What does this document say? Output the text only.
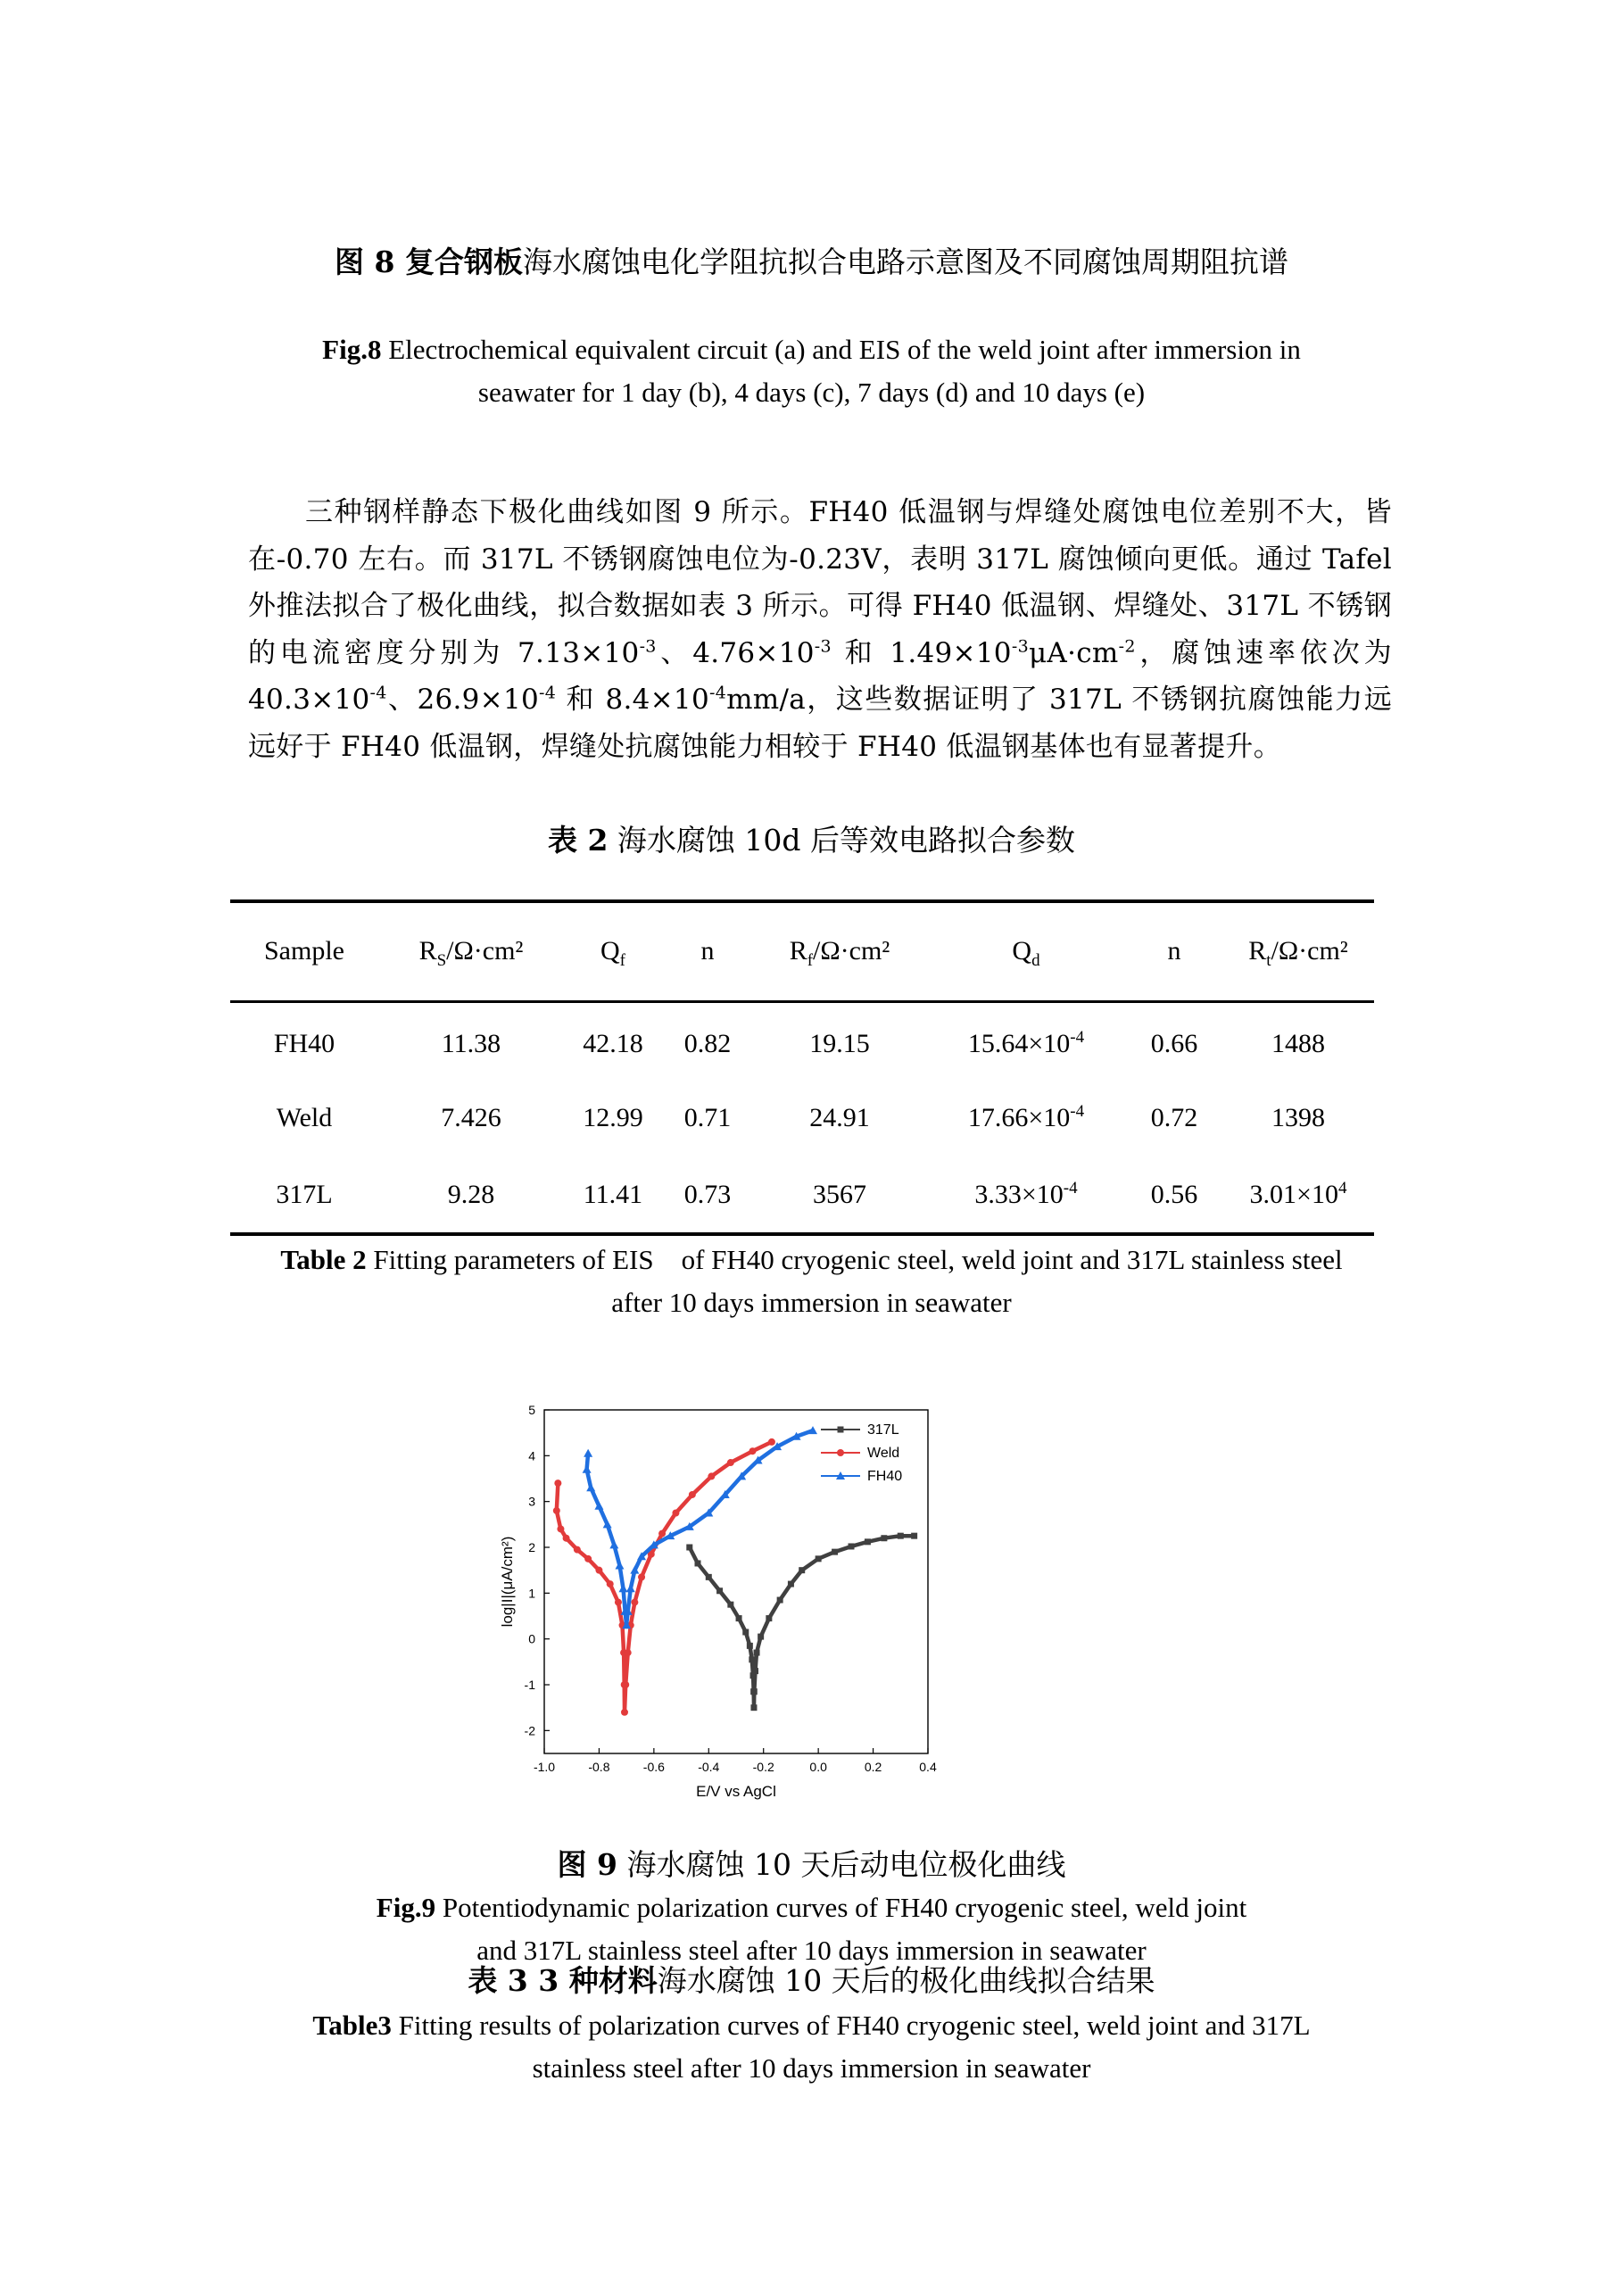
图 8 复合钢板海水腐蚀电化学阻抗拟合电路示意图及不同腐蚀周期阻抗谱
Fig.8 Electrochemical equivalent circuit (a) and EIS of the weld joint after immersion in
seawater for 1 day (b), 4 days (c), 7 days (d) and 10 days (e)

三种钢样静态下极化曲线如图 9 所示。FH40 低温钢与焊缝处腐蚀电位差别不大，皆在-0.70 左右。而 317L 不锈钢腐蚀电位为-0.23V，表明 317L 腐蚀倾向更低。通过 Tafel 外推法拟合了极化曲线，拟合数据如表 3 所示。可得 FH40 低温钢、焊缝处、317L 不锈钢的电流密度分别为 $7.13\times 10^{-3}$、$4.76\times 10^{-3}$ 和 $1.49\times 10^{-3}\mu A\cdot cm^{-2}$，腐蚀速率依次为 $40.3\times 10^{-4}$、$26.9\times 10^{-4}$ 和 $8.4\times 10^{-4}mm/a$，这些数据证明了 317L 不锈钢抗腐蚀能力远远好于 FH40 低温钢，焊缝处抗腐蚀能力相较于 FH40 低温钢基体也有显著提升。

表 2 海水腐蚀 10d 后等效电路拟合参数
Sample	$R_S/\Omega\cdot cm^2$	$Q_f$	n	$R_f/\Omega\cdot cm^2$	$Q_d$	n	$R_t/\Omega\cdot cm^2$
FH40	11.38	42.18	0.82	19.15	$15.64\times 10^{-4}$	0.66	1488
Weld	7.426	12.99	0.71	24.91	$17.66\times 10^{-4}$	0.72	1398
317L	9.28	11.41	0.73	3567	$3.33\times 10^{-4}$	0.56	$3.01\times 10^4$
Table 2 Fitting parameters of EIS    of FH40 cryogenic steel, weld joint and 317L stainless steel
after 10 days immersion in seawater
-1.0	-0.8	-0.6	-0.4	-0.2	0.0	0.2	0.4
-2
-1
0
1
2
3
4
5
E/V vs AgCl
log|I|(μA/cm²)
317L
Weld
FH40
图 9 海水腐蚀 10 天后动电位极化曲线
Fig.9 Potentiodynamic polarization curves of FH40 cryogenic steel, weld joint
and 317L stainless steel after 10 days immersion in seawater
表 3 3 种材料海水腐蚀 10 天后的极化曲线拟合结果
Table3 Fitting results of polarization curves of FH40 cryogenic steel, weld joint and 317L
stainless steel after 10 days immersion in seawater
